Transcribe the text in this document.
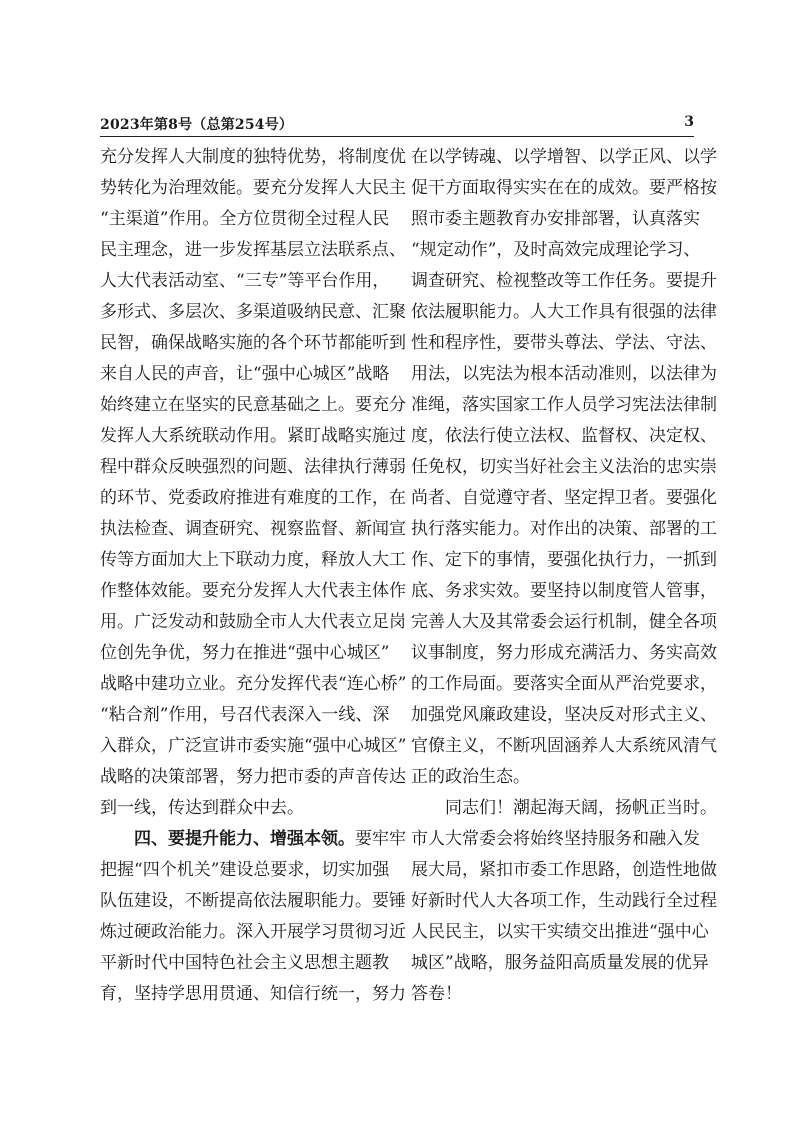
2023年第8号（总第254号）	3
充分发挥人大制度的独特优势，将制度优
势转化为治理效能。要充分发挥人大民主
“主渠道”作用。全方位贯彻全过程人民
民主理念，进一步发挥基层立法联系点、
人大代表活动室、“三专”等平台作用，
多形式、多层次、多渠道吸纳民意、汇聚
民智，确保战略实施的各个环节都能听到
来自人民的声音，让“强中心城区”战略
始终建立在坚实的民意基础之上。要充分
发挥人大系统联动作用。紧盯战略实施过
程中群众反映强烈的问题、法律执行薄弱
的环节、党委政府推进有难度的工作，在
执法检查、调查研究、视察监督、新闻宣
传等方面加大上下联动力度，释放人大工
作整体效能。要充分发挥人大代表主体作
用。广泛发动和鼓励全市人大代表立足岗
位创先争优，努力在推进“强中心城区”
战略中建功立业。充分发挥代表“连心桥”
“粘合剂”作用，号召代表深入一线、深
入群众，广泛宣讲市委实施“强中心城区”
战略的决策部署，努力把市委的声音传达
到一线，传达到群众中去。
四、要提升能力、增强本领。要牢牢
把握“四个机关”建设总要求，切实加强
队伍建设，不断提高依法履职能力。要锤
炼过硬政治能力。深入开展学习贯彻习近
平新时代中国特色社会主义思想主题教
育，坚持学思用贯通、知信行统一，努力
在以学铸魂、以学增智、以学正风、以学
促干方面取得实实在在的成效。要严格按
照市委主题教育办安排部署，认真落实
“规定动作”，及时高效完成理论学习、
调查研究、检视整改等工作任务。要提升
依法履职能力。人大工作具有很强的法律
性和程序性，要带头尊法、学法、守法、
用法，以宪法为根本活动准则，以法律为
准绳，落实国家工作人员学习宪法法律制
度，依法行使立法权、监督权、决定权、
任免权，切实当好社会主义法治的忠实崇
尚者、自觉遵守者、坚定捍卫者。要强化
执行落实能力。对作出的决策、部署的工
作、定下的事情，要强化执行力，一抓到
底、务求实效。要坚持以制度管人管事，
完善人大及其常委会运行机制，健全各项
议事制度，努力形成充满活力、务实高效
的工作局面。要落实全面从严治党要求，
加强党风廉政建设，坚决反对形式主义、
官僚主义，不断巩固涵养人大系统风清气
正的政治生态。
同志们！潮起海天阔，扬帆正当时。
市人大常委会将始终坚持服务和融入发
展大局，紧扣市委工作思路，创造性地做
好新时代人大各项工作，生动践行全过程
人民民主，以实干实绩交出推进“强中心
城区”战略，服务益阳高质量发展的优异
答卷！
